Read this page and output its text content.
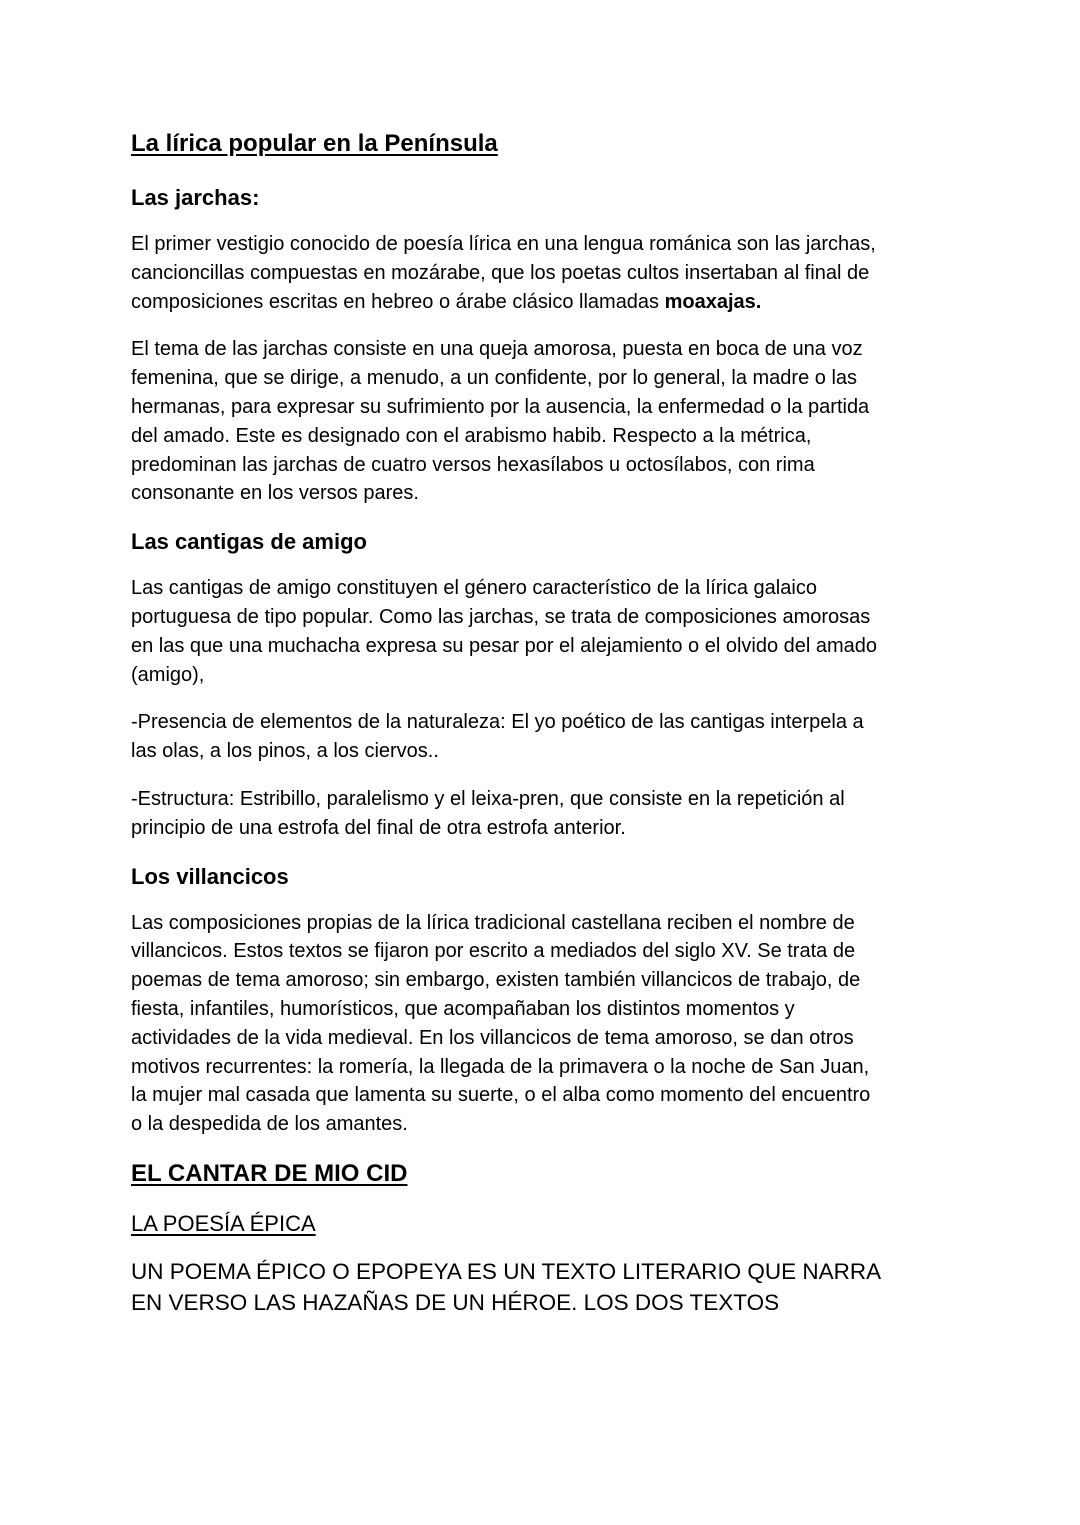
La lírica popular en la Península
Las jarchas:

El primer vestigio conocido de poesía lírica en una lengua románica son las jarchas,
cancioncillas compuestas en mozárabe, que los poetas cultos insertaban al final de
composiciones escritas en hebreo o árabe clásico llamadas moaxajas.

El tema de las jarchas consiste en una queja amorosa, puesta en boca de una voz
femenina, que se dirige, a menudo, a un confidente, por lo general, la madre o las
hermanas, para expresar su sufrimiento por la ausencia, la enfermedad o la partida
del amado. Este es designado con el arabismo habib. Respecto a la métrica,
predominan las jarchas de cuatro versos hexasílabos u octosílabos, con rima
consonante en los versos pares.

Las cantigas de amigo

Las cantigas de amigo constituyen el género característico de la lírica galaico
portuguesa de tipo popular. Como las jarchas, se trata de composiciones amorosas
en las que una muchacha expresa su pesar por el alejamiento o el olvido del amado
(amigo),

-Presencia de elementos de la naturaleza: El yo poético de las cantigas interpela a
las olas, a los pinos, a los ciervos..

-Estructura: Estribillo, paralelismo y el leixa-pren, que consiste en la repetición al
principio de una estrofa del final de otra estrofa anterior.

Los villancicos

Las composiciones propias de la lírica tradicional castellana reciben el nombre de
villancicos. Estos textos se fijaron por escrito a mediados del siglo XV. Se trata de
poemas de tema amoroso; sin embargo, existen también villancicos de trabajo, de
fiesta, infantiles, humorísticos, que acompañaban los distintos momentos y
actividades de la vida medieval. En los villancicos de tema amoroso, se dan otros
motivos recurrentes: la romería, la llegada de la primavera o la noche de San Juan,
la mujer mal casada que lamenta su suerte, o el alba como momento del encuentro
o la despedida de los amantes.

EL CANTAR DE MIO CID
LA POESÍA ÉPICA

UN POEMA ÉPICO O EPOPEYA ES UN TEXTO LITERARIO QUE NARRA
EN VERSO LAS HAZAÑAS DE UN HÉROE. LOS DOS TEXTOS
